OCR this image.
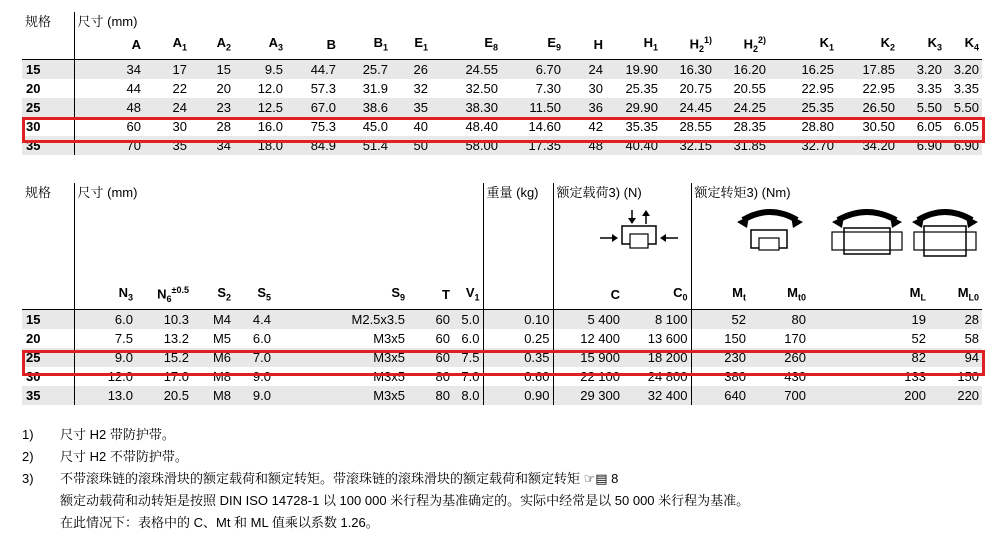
规格	尺寸 (mm)																
	A	$A_1$	$A_2$	$A_3$	B	$B_1$	$E_1$	$E_8$	$E_9$	H	$H_1$	$H_2^{1)}$	$H_2^{2)}$	$K_1$	$K_2$	$K_3$	$K_4$
15	34	17	15	9.5	44.7	25.7	26	24.55	6.70	24	19.90	16.30	16.20	16.25	17.85	3.20	3.20
20	44	22	20	12.0	57.3	31.9	32	32.50	7.30	30	25.35	20.75	20.55	22.95	22.95	3.35	3.35
25	48	24	23	12.5	67.0	38.6	35	38.30	11.50	36	29.90	24.45	24.25	25.35	26.50	5.50	5.50
30	60	30	28	16.0	75.3	45.0	40	48.40	14.60	42	35.35	28.55	28.35	28.80	30.50	6.05	6.05
35	70	35	34	18.0	84.9	51.4	50	58.00	17.35	48	40.40	32.15	31.85	32.70	34.20	6.90	6.90
规格	尺寸 (mm)							重量 (kg)	额定载荷3) (N)		额定转矩3) (Nm)			
	$N_3$	$N_6^{\pm 0.5}$	$S_2$	$S_5$	$S_9$	T	$V_1$		C	$C_0$	$M_t$	$M_{t0}$	$M_L$	$M_{L0}$
15	6.0	10.3	M4	4.4	M2.5x3.5	60	5.0	0.10	5 400	8 100	52	80	19	28
20	7.5	13.2	M5	6.0	M3x5	60	6.0	0.25	12 400	13 600	150	170	52	58
25	9.0	15.2	M6	7.0	M3x5	60	7.5	0.35	15 900	18 200	230	260	82	94
30	12.0	17.0	M8	9.0	M3x5	80	7.0	0.60	22 100	24 800	380	430	133	150
35	13.0	20.5	M8	9.0	M3x5	80	8.0	0.90	29 300	32 400	640	700	200	220
1)	尺寸 H2 带防护带。
2)	尺寸 H2 不带防护带。
3)	不带滚珠链的滚珠滑块的额定载荷和额定转矩。带滚珠链的滚珠滑块的额定载荷和额定转矩 ☞▤ 8
额定动载荷和动转矩是按照 DIN ISO 14728-1 以 100 000 米行程为基准确定的。实际中经常是以 50 000 米行程为基准。
在此情况下：表格中的 C、Mt 和 ML 值乘以系数 1.26。
